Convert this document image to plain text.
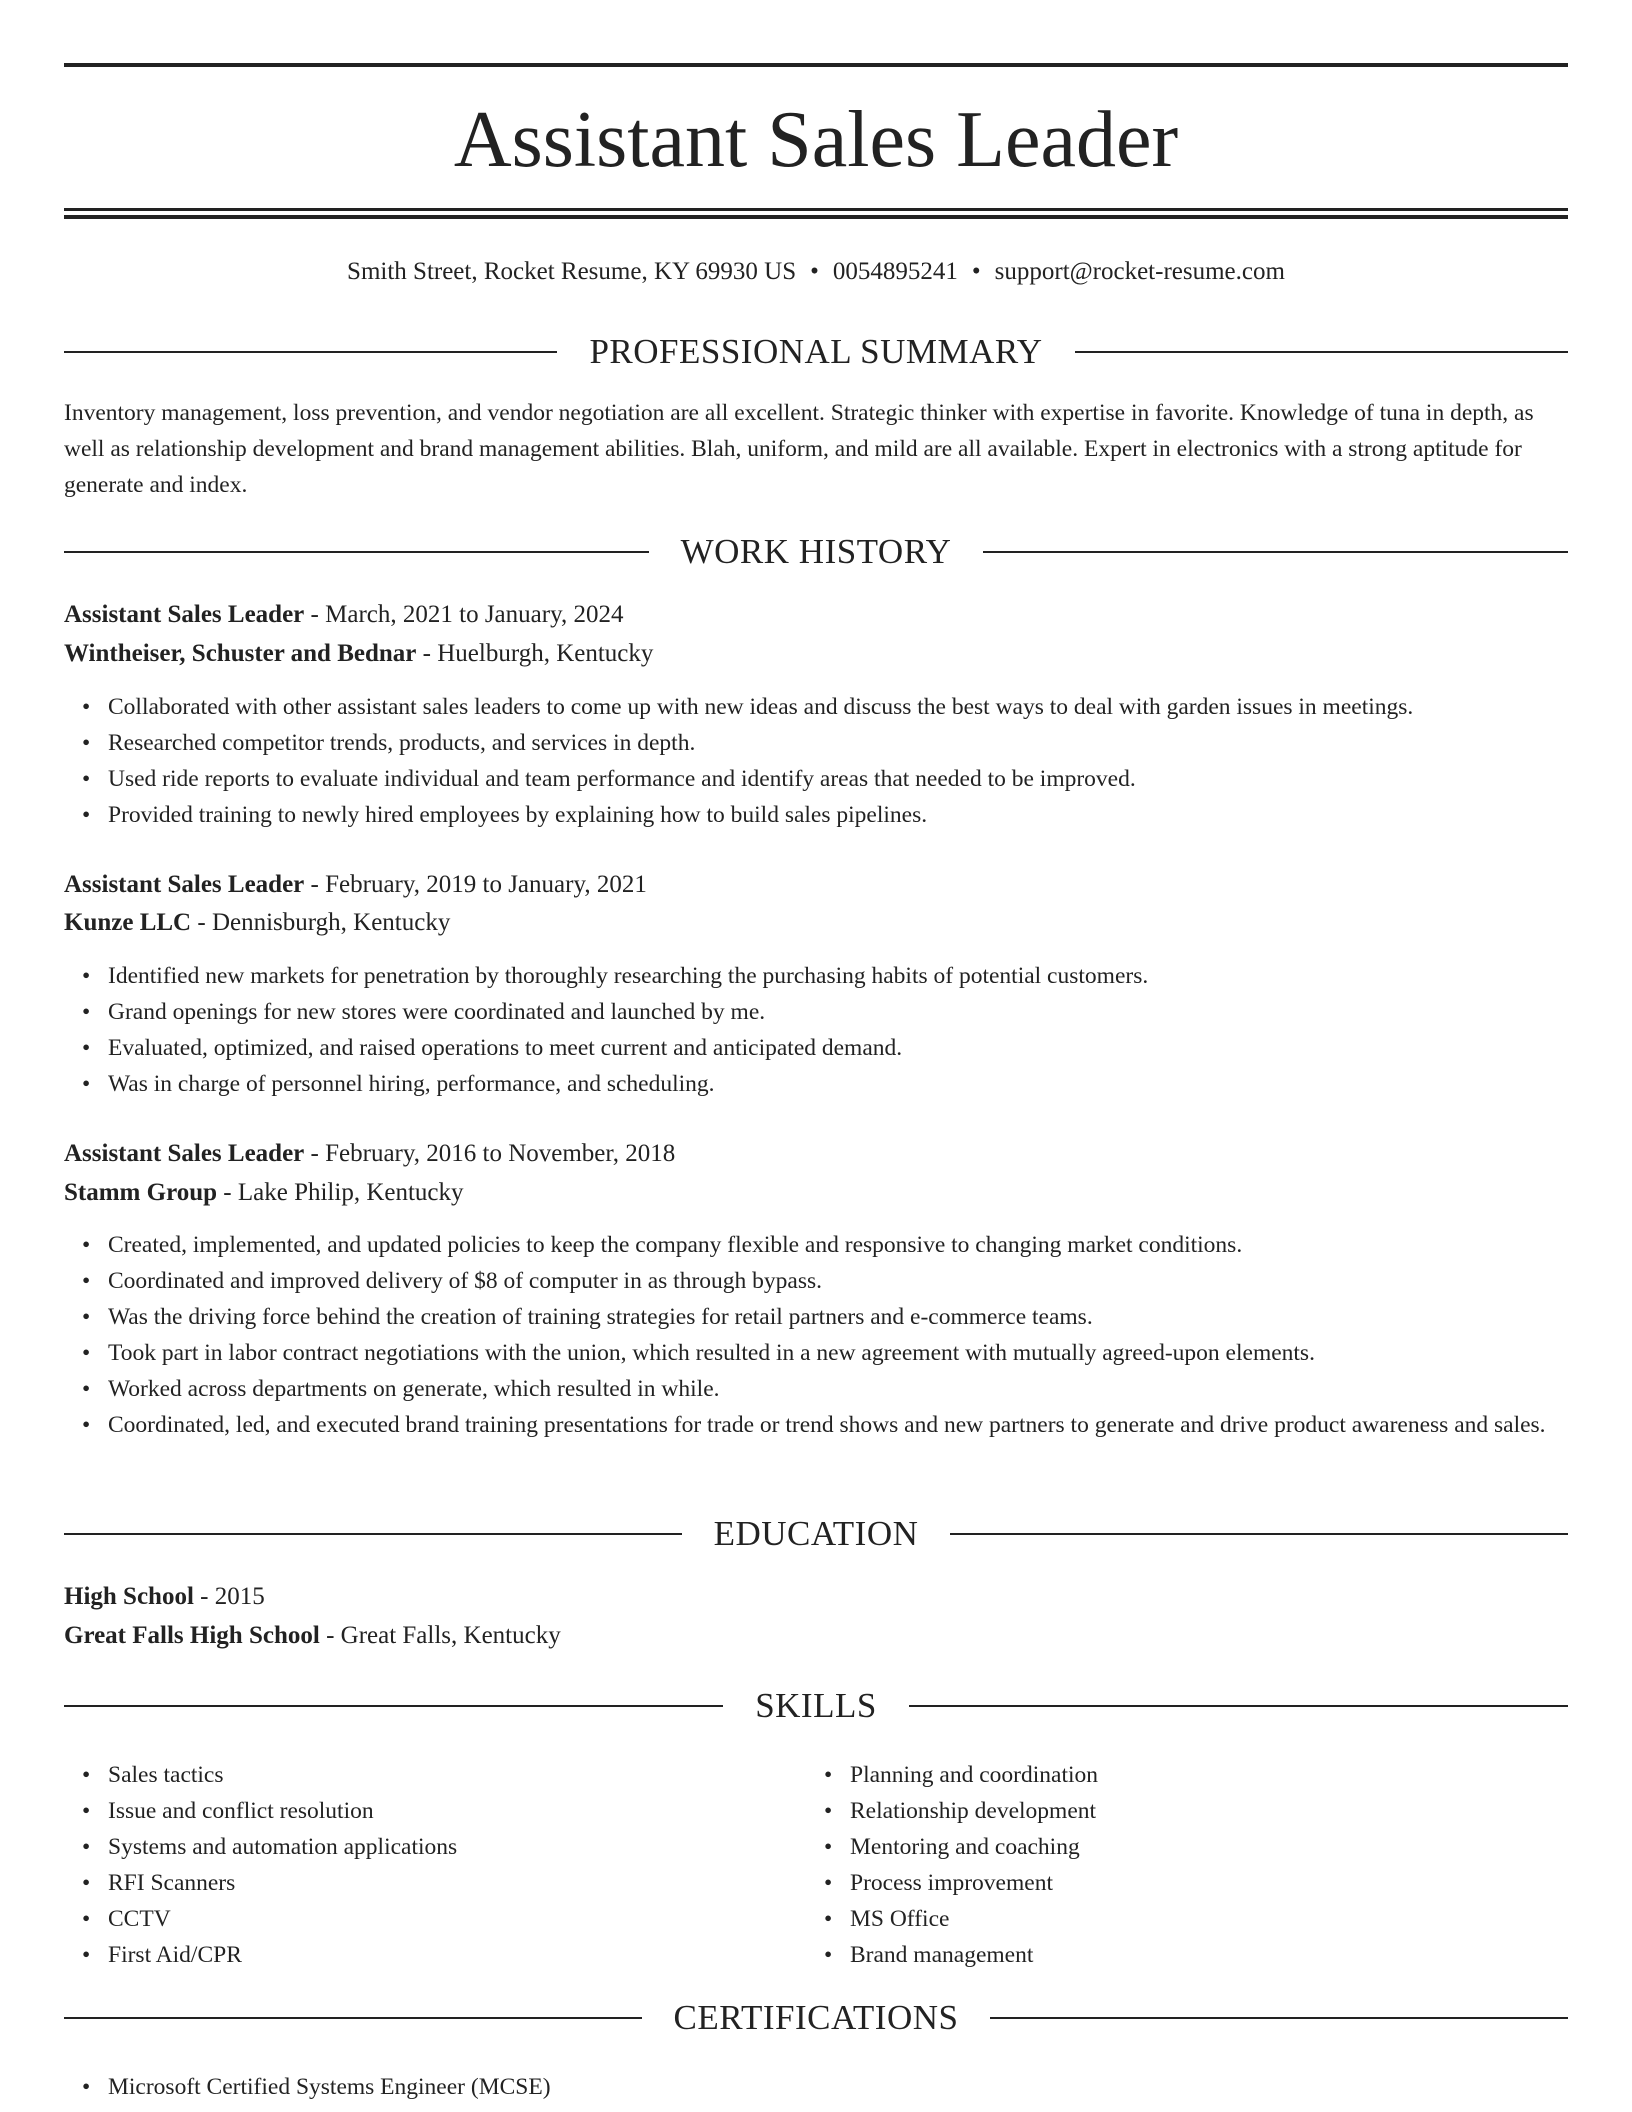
Assistant Sales Leader
Smith Street, Rocket Resume, KY 69930 US • 0054895241 • support@rocket-resume.com
PROFESSIONAL SUMMARY
Inventory management, loss prevention, and vendor negotiation are all excellent. Strategic thinker with expertise in favorite. Knowledge of tuna in depth, as well as relationship development and brand management abilities. Blah, uniform, and mild are all available. Expert in electronics with a strong aptitude for generate and index.
WORK HISTORY
Assistant Sales Leader - March, 2021 to January, 2024
Wintheiser, Schuster and Bednar - Huelburgh, Kentucky
• Collaborated with other assistant sales leaders to come up with new ideas and discuss the best ways to deal with garden issues in meetings.
• Researched competitor trends, products, and services in depth.
• Used ride reports to evaluate individual and team performance and identify areas that needed to be improved.
• Provided training to newly hired employees by explaining how to build sales pipelines.
Assistant Sales Leader - February, 2019 to January, 2021
Kunze LLC - Dennisburgh, Kentucky
• Identified new markets for penetration by thoroughly researching the purchasing habits of potential customers.
• Grand openings for new stores were coordinated and launched by me.
• Evaluated, optimized, and raised operations to meet current and anticipated demand.
• Was in charge of personnel hiring, performance, and scheduling.
Assistant Sales Leader - February, 2016 to November, 2018
Stamm Group - Lake Philip, Kentucky
• Created, implemented, and updated policies to keep the company flexible and responsive to changing market conditions.
• Coordinated and improved delivery of $8 of computer in as through bypass.
• Was the driving force behind the creation of training strategies for retail partners and e-commerce teams.
• Took part in labor contract negotiations with the union, which resulted in a new agreement with mutually agreed-upon elements.
• Worked across departments on generate, which resulted in while.
• Coordinated, led, and executed brand training presentations for trade or trend shows and new partners to generate and drive product awareness and sales.
EDUCATION
High School - 2015
Great Falls High School - Great Falls, Kentucky
SKILLS
• Sales tactics
• Issue and conflict resolution
• Systems and automation applications
• RFI Scanners
• CCTV
• First Aid/CPR
• Planning and coordination
• Relationship development
• Mentoring and coaching
• Process improvement
• MS Office
• Brand management
CERTIFICATIONS
• Microsoft Certified Systems Engineer (MCSE)
